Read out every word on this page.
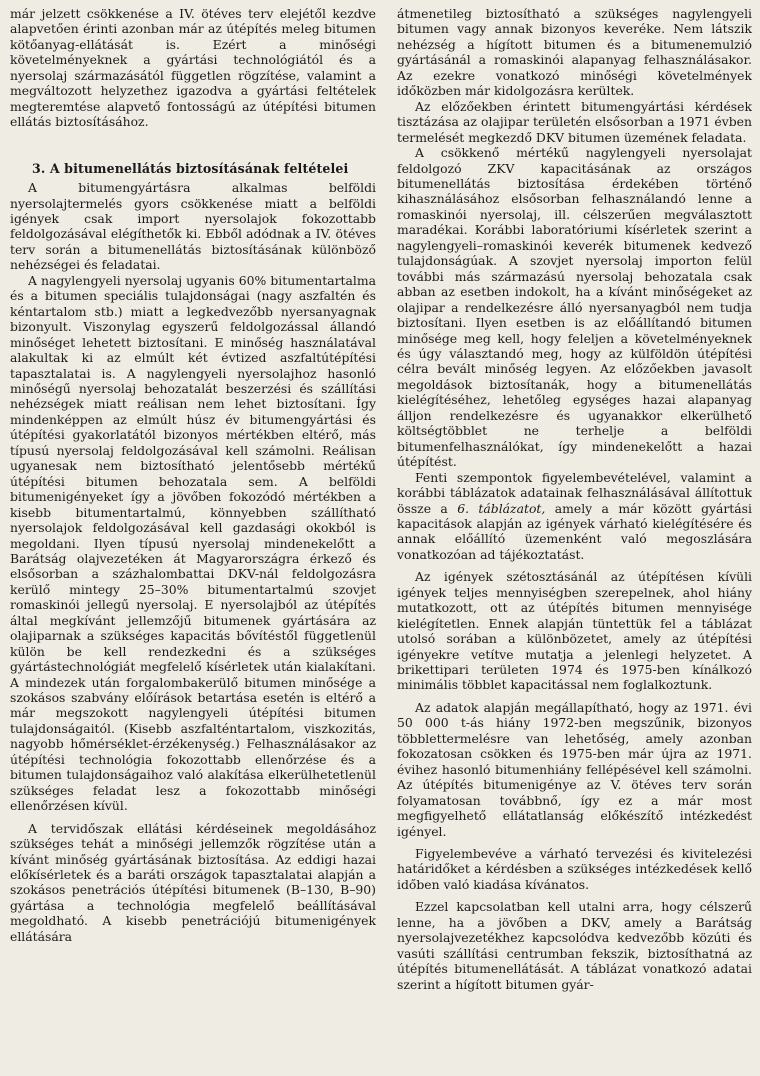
már jelzett csökkenése a IV. ötéves terv elejétől kezdve alapvetően érinti azonban már az útépítés meleg bitumen kötőanyag-ellátását is. Ezért a minőségi követelményeknek a gyártási technológiától és a nyersolaj származásától független rögzítése, valamint a megváltozott helyzethez igazodva a gyártási feltételek megteremtése alapvető fontosságú az útépítési bitumen ellátás biztosításához.

3. A bitumenellátás biztosításának feltételei

A bitumengyártásra alkalmas belföldi nyersolajtermelés gyors csökkenése miatt a belföldi igények csak import nyersolajok fokozottabb feldolgozásával elégíthetők ki. Ebből adódnak a IV. ötéves terv során a bitumenellátás biztosításának különböző nehézségei és feladatai.

A nagylengyeli nyersolaj ugyanis 60% bitumentartalma és a bitumen speciális tulajdonságai (nagy aszfaltén és kéntartalom stb.) miatt a legkedvezőbb nyersanyagnak bizonyult. Viszonylag egyszerű feldolgozással állandó minőséget lehetett biztosítani. E minőség használatával alakultak ki az elmúlt két évtized aszfaltútépítési tapasztalatai is. A nagylengyeli nyersolajhoz hasonló minőségű nyersolaj behozatalát beszerzési és szállítási nehézségek miatt reálisan nem lehet biztosítani. Így mindenképpen az elmúlt húsz év bitumengyártási és útépítési gyakorlatától bizonyos mértékben eltérő, más típusú nyersolaj feldolgozásával kell számolni. Reálisan ugyanesak nem biztosítható jelentősebb mértékű útépítési bitumen behozatala sem. A belföldi bitumenigényeket így a jövőben fokozódó mértékben a kisebb bitumentartalmú, könnyebben szállítható nyersolajok feldolgozásával kell gazdasági okokból is megoldani. Ilyen típusú nyersolaj mindenekelőtt a Barátság olajvezetéken át Magyarországra érkező és elsősorban a százhalombattai DKV-nál feldolgozásra kerülő mintegy 25–30% bitumentartalmú szovjet romaskinói jellegű nyersolaj. E nyersolajból az útépítés által megkívánt jellemzőjű bitumenek gyártására az olajiparnak a szükséges kapacitás bővítéstől függetlenül külön be kell rendezkedni és a szükséges gyártástechnológiát megfelelő kísérletek után kialakítani. A mindezek után forgalombakerülő bitumen minősége a szokásos szabvány előírások betartása esetén is eltérő a már megszokott nagylengyeli útépítési bitumen tulajdonságaitól. (Kisebb aszfalténtartalom, viszkozitás, nagyobb hőmérséklet-érzékenység.) Felhasználásakor az útépítési technológia fokozottabb ellenőrzése és a bitumen tulajdonságaihoz való alakítása elkerülhetetlenül szükséges feladat lesz a fokozottabb minőségi ellenőrzésen kívül.

A tervidőszak ellátási kérdéseinek megoldásához szükséges tehát a minőségi jellemzők rögzítése után a kívánt minőség gyártásának biztosítása. Az eddigi hazai előkísérletek és a baráti országok tapasztalatai alapján a szokásos penetrációs útépítési bitumenek (B–130, B–90) gyártása a technológia megfelelő beállításával megoldható. A kisebb penetrációjú bitumenigények ellátására

átmenetileg biztosítható a szükséges nagylengyeli bitumen vagy annak bizonyos keveréke. Nem látszik nehézség a hígított bitumen és a bitumenemulzió gyártásánál a romaskinói alapanyag felhasználásakor. Az ezekre vonatkozó minőségi követelmények időközben már kidolgozásra kerültek.

Az előzőekben érintett bitumengyártási kérdések tisztázása az olajipar területén elsősorban a 1971 évben termelését megkezdő DKV bitumen üzemének feladata.

A csökkenő mértékű nagylengyeli nyersolajat feldolgozó ZKV kapacitásának az országos bitumenellátás biztosítása érdekében történő kihasználásához elsősorban felhasználandó lenne a romaskinói nyersolaj, ill. célszerűen megválasztott maradékai. Korábbi laboratóriumi kísérletek szerint a nagylengyeli–romaskinói keverék bitumenek kedvező tulajdonságúak. A szovjet nyersolaj importon felül további más származású nyersolaj behozatala csak abban az esetben indokolt, ha a kívánt minőségeket az olajipar a rendelkezésre álló nyersanyagból nem tudja biztosítani. Ilyen esetben is az előállítandó bitumen minősége meg kell, hogy feleljen a követelményeknek és úgy választandó meg, hogy az külföldön útépítési célra bevált minőség legyen. Az előzőekben javasolt megoldások biztosítanák, hogy a bitumenellátás kielégítéséhez, lehetőleg egységes hazai alapanyag álljon rendelkezésre és ugyanakkor elkerülhető költségtöbblet ne terhelje a belföldi bitumenfelhasználókat, így mindenekelőtt a hazai útépítést.

Fenti szempontok figyelembevételével, valamint a korábbi táblázatok adatainak felhasználásával állítottuk össze a 6. táblázatot, amely a már között gyártási kapacitások alapján az igények várható kielégítésére és annak előállító üzemenként való megoszlására vonatkozóan ad tájékoztatást.

Az igények szétosztásánál az útépítésen kívüli igények teljes mennyiségben szerepelnek, ahol hiány mutatkozott, ott az útépítés bitumen mennyisége kielégítetlen. Ennek alapján tüntettük fel a táblázat utolsó sorában a különbözetet, amely az útépítési igényekre vetítve mutatja a jelenlegi helyzetet. A brikettipari területen 1974 és 1975-ben kínálkozó minimális többlet kapacitással nem foglalkoztunk.

Az adatok alapján megállapítható, hogy az 1971. évi 50 000 t-ás hiány 1972-ben megszűnik, bizonyos többlettermelésre van lehetőség, amely azonban fokozatosan csökken és 1975-ben már újra az 1971. évihez hasonló bitumenhiány fellépésével kell számolni. Az útépítés bitumenigénye az V. ötéves terv során folyamatosan továbbnő, így ez a már most megfigyelhető ellátatlanság előkészítő intézkedést igényel.

Figyelembevéve a várható tervezési és kivitelezési határidőket a kérdésben a szükséges intézkedések kellő időben való kiadása kívánatos.

Ezzel kapcsolatban kell utalni arra, hogy célszerű lenne, ha a jövőben a DKV, amely a Barátság nyersolajvezetékhez kapcsolódva kedvezőbb közúti és vasúti szállítási centrumban fekszik, biztosíthatná az útépítés bitumenellátását. A táblázat vonatkozó adatai szerint a hígított bitumen gyár-
